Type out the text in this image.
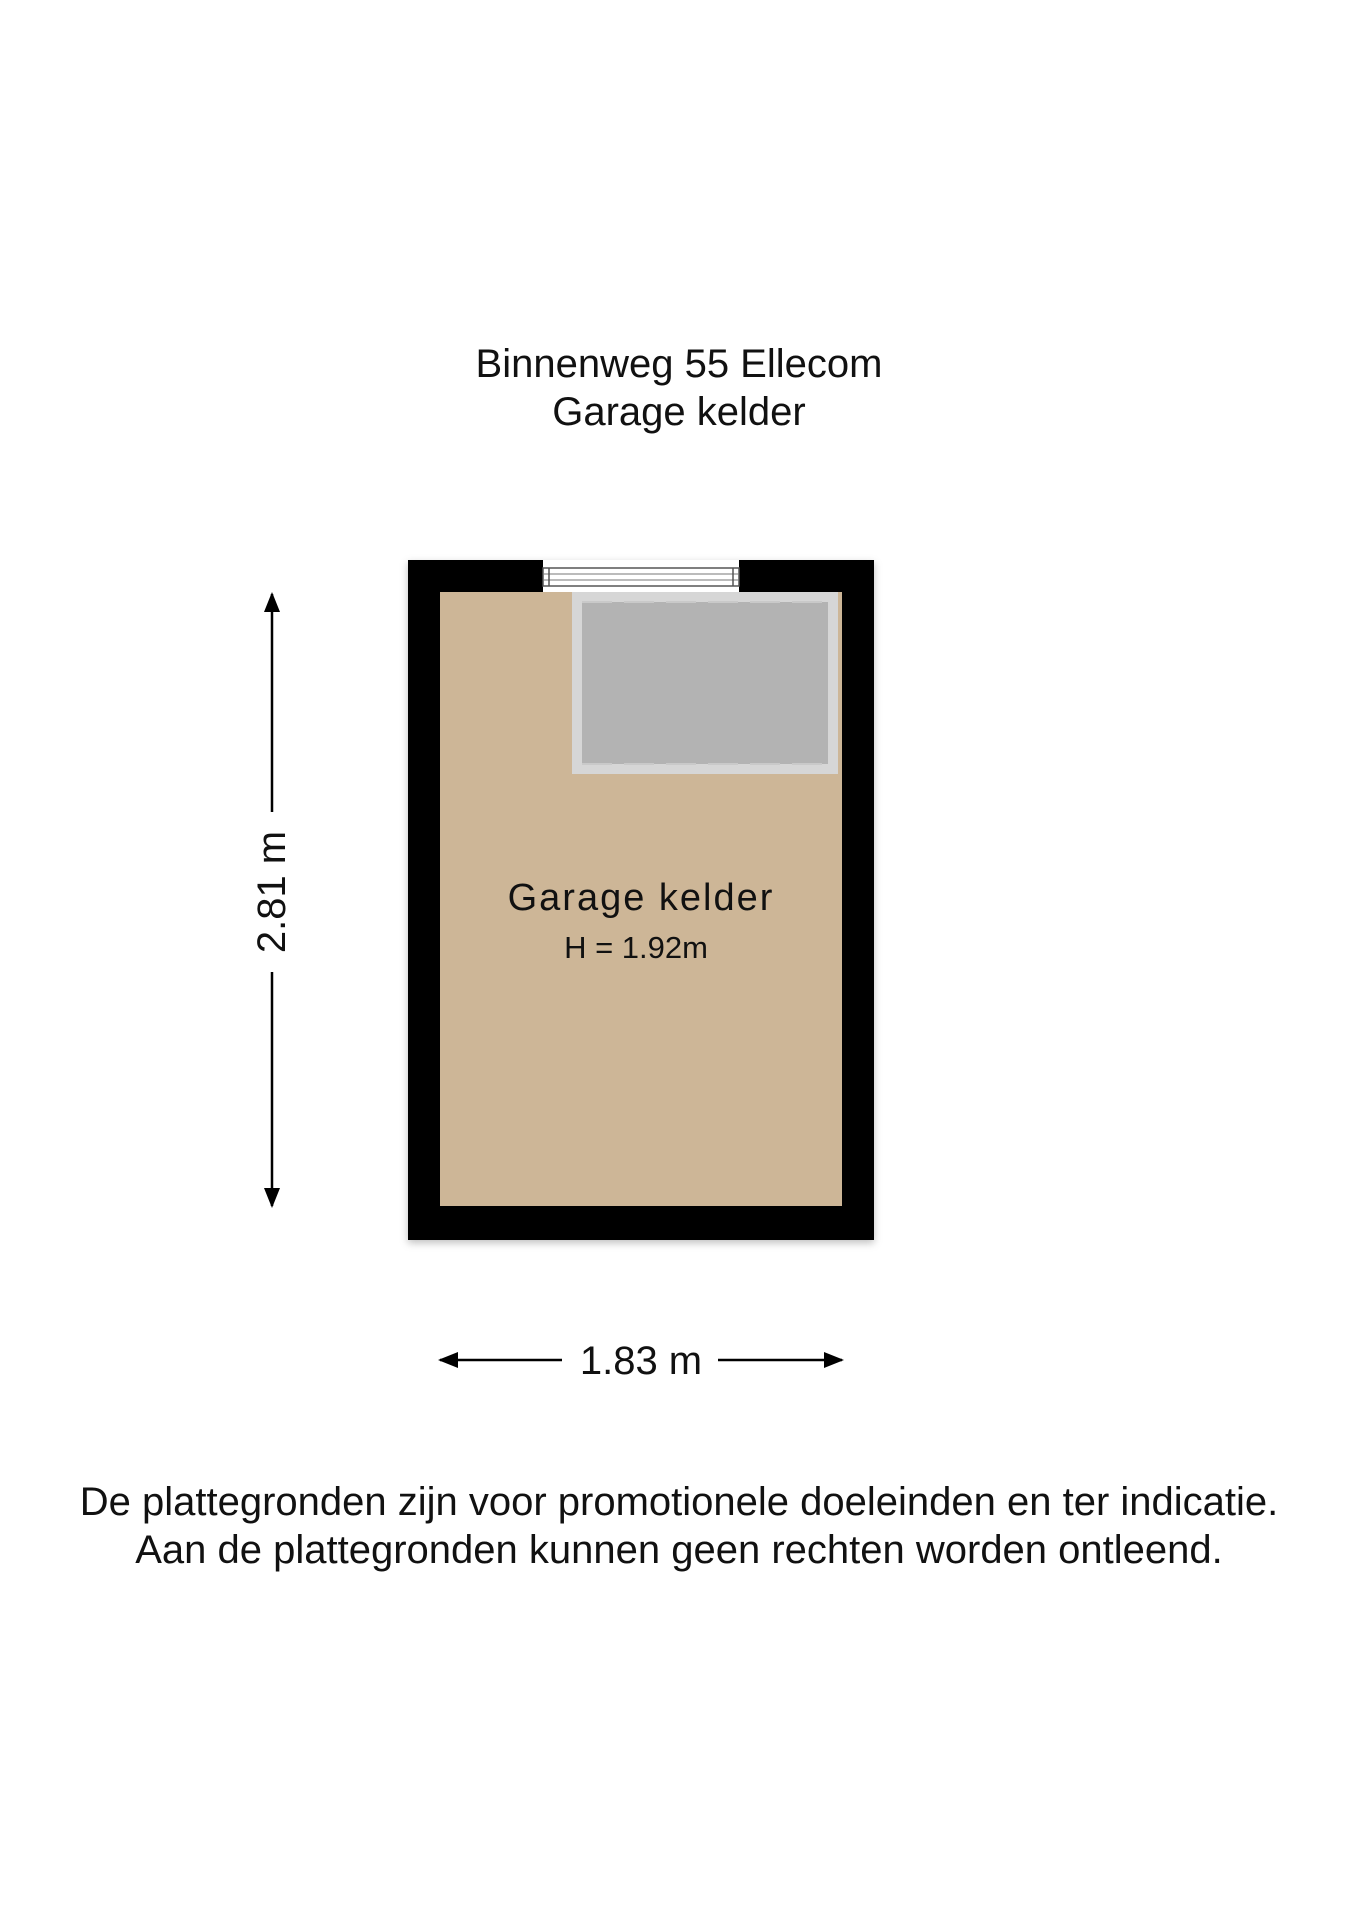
Binnenweg 55 Ellecom
Garage kelder
Garage kelder
H = 1.92m
2.81 m
1.83 m
De plattegronden zijn voor promotionele doeleinden en ter indicatie.
Aan de plattegronden kunnen geen rechten worden ontleend.
